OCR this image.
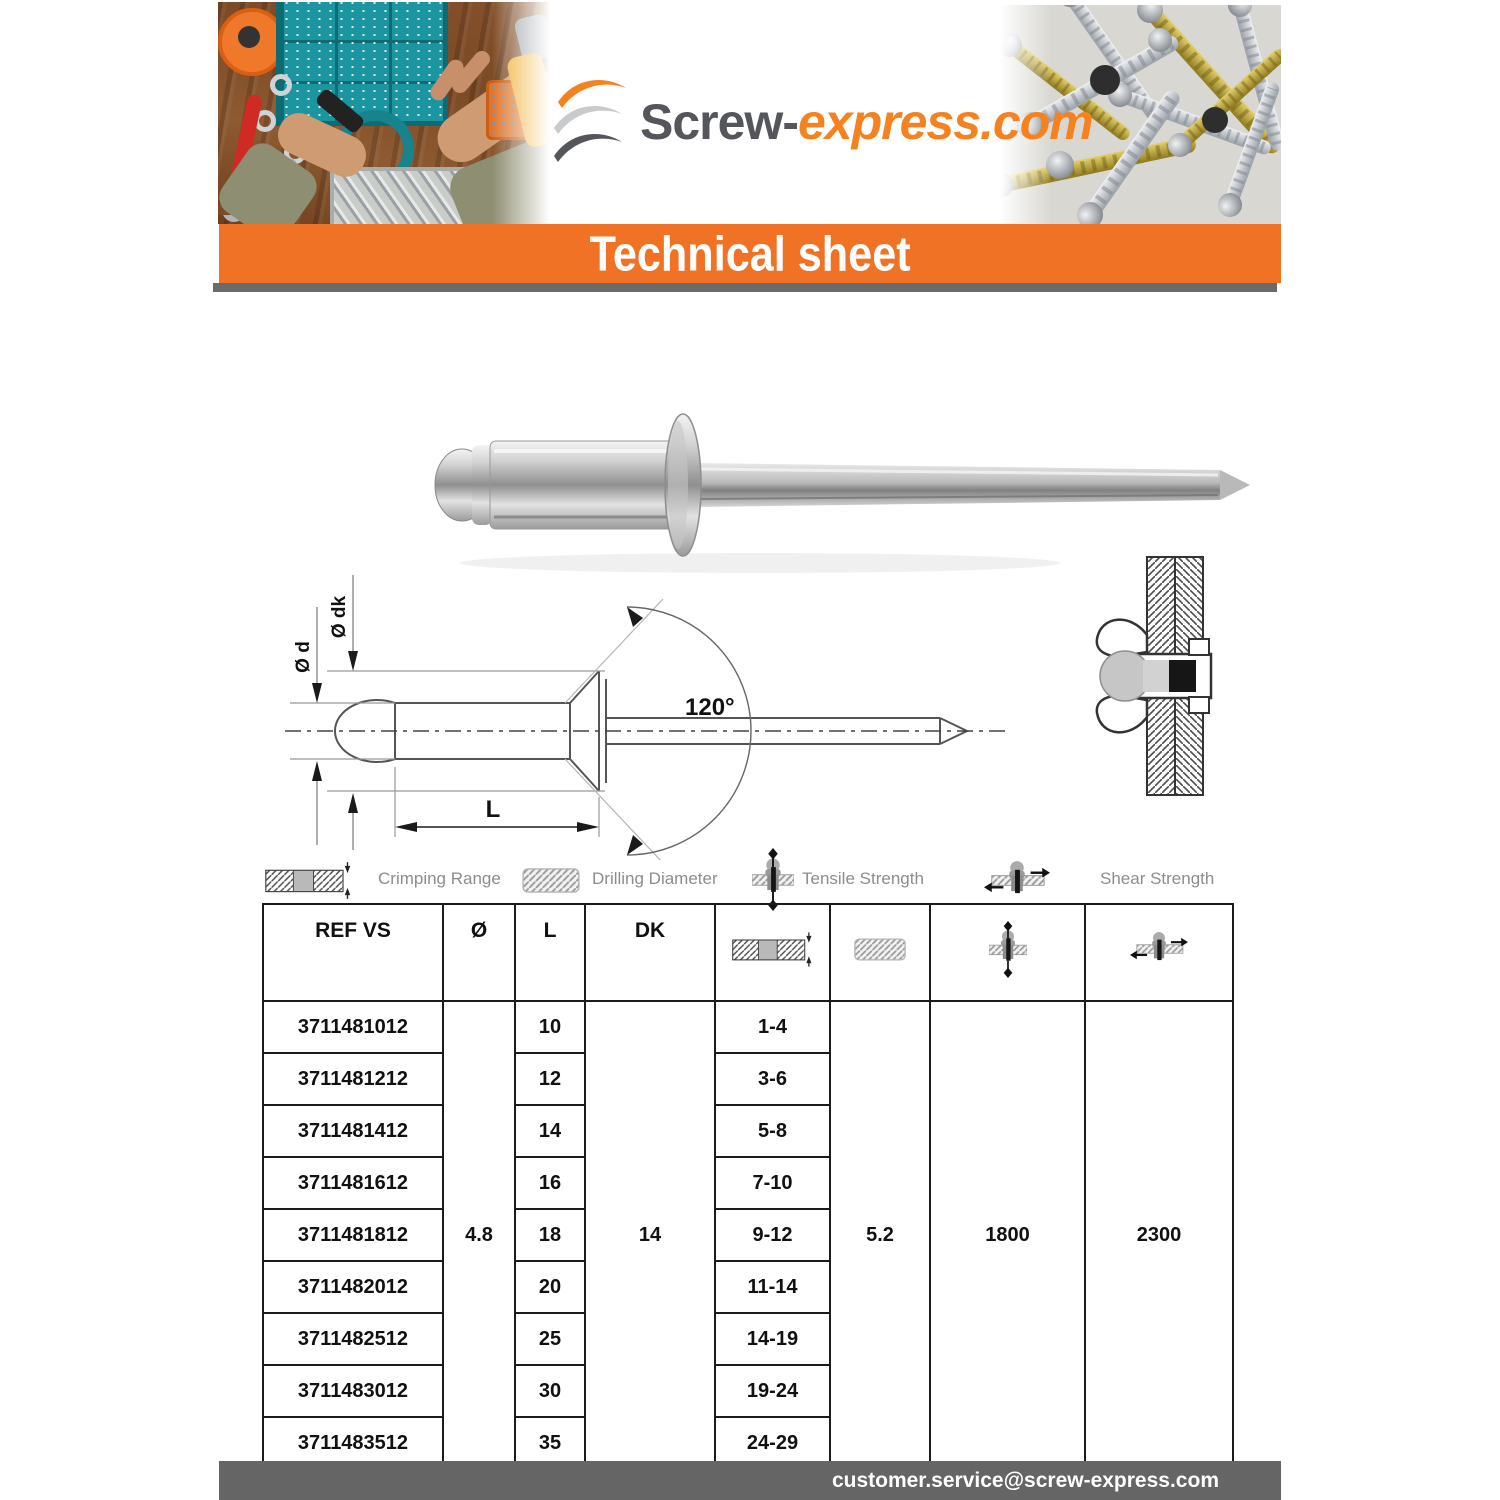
Screw-express.com
Technical sheet
Ø d
Ø dk
120°
L
Crimping Range	Drilling Diameter	Tensile Strength	Shear Strength
REF VS	Ø	L	DK				
3711481012	4.8	10	14	1-4	5.2	1800	2300
3711481212		12		3-6			
3711481412		14		5-8			
3711481612		16		7-10			
3711481812		18		9-12			
3711482012		20		11-14			
3711482512		25		14-19			
3711483012		30		19-24			
3711483512		35		24-29			
customer.service@screw-express.com
